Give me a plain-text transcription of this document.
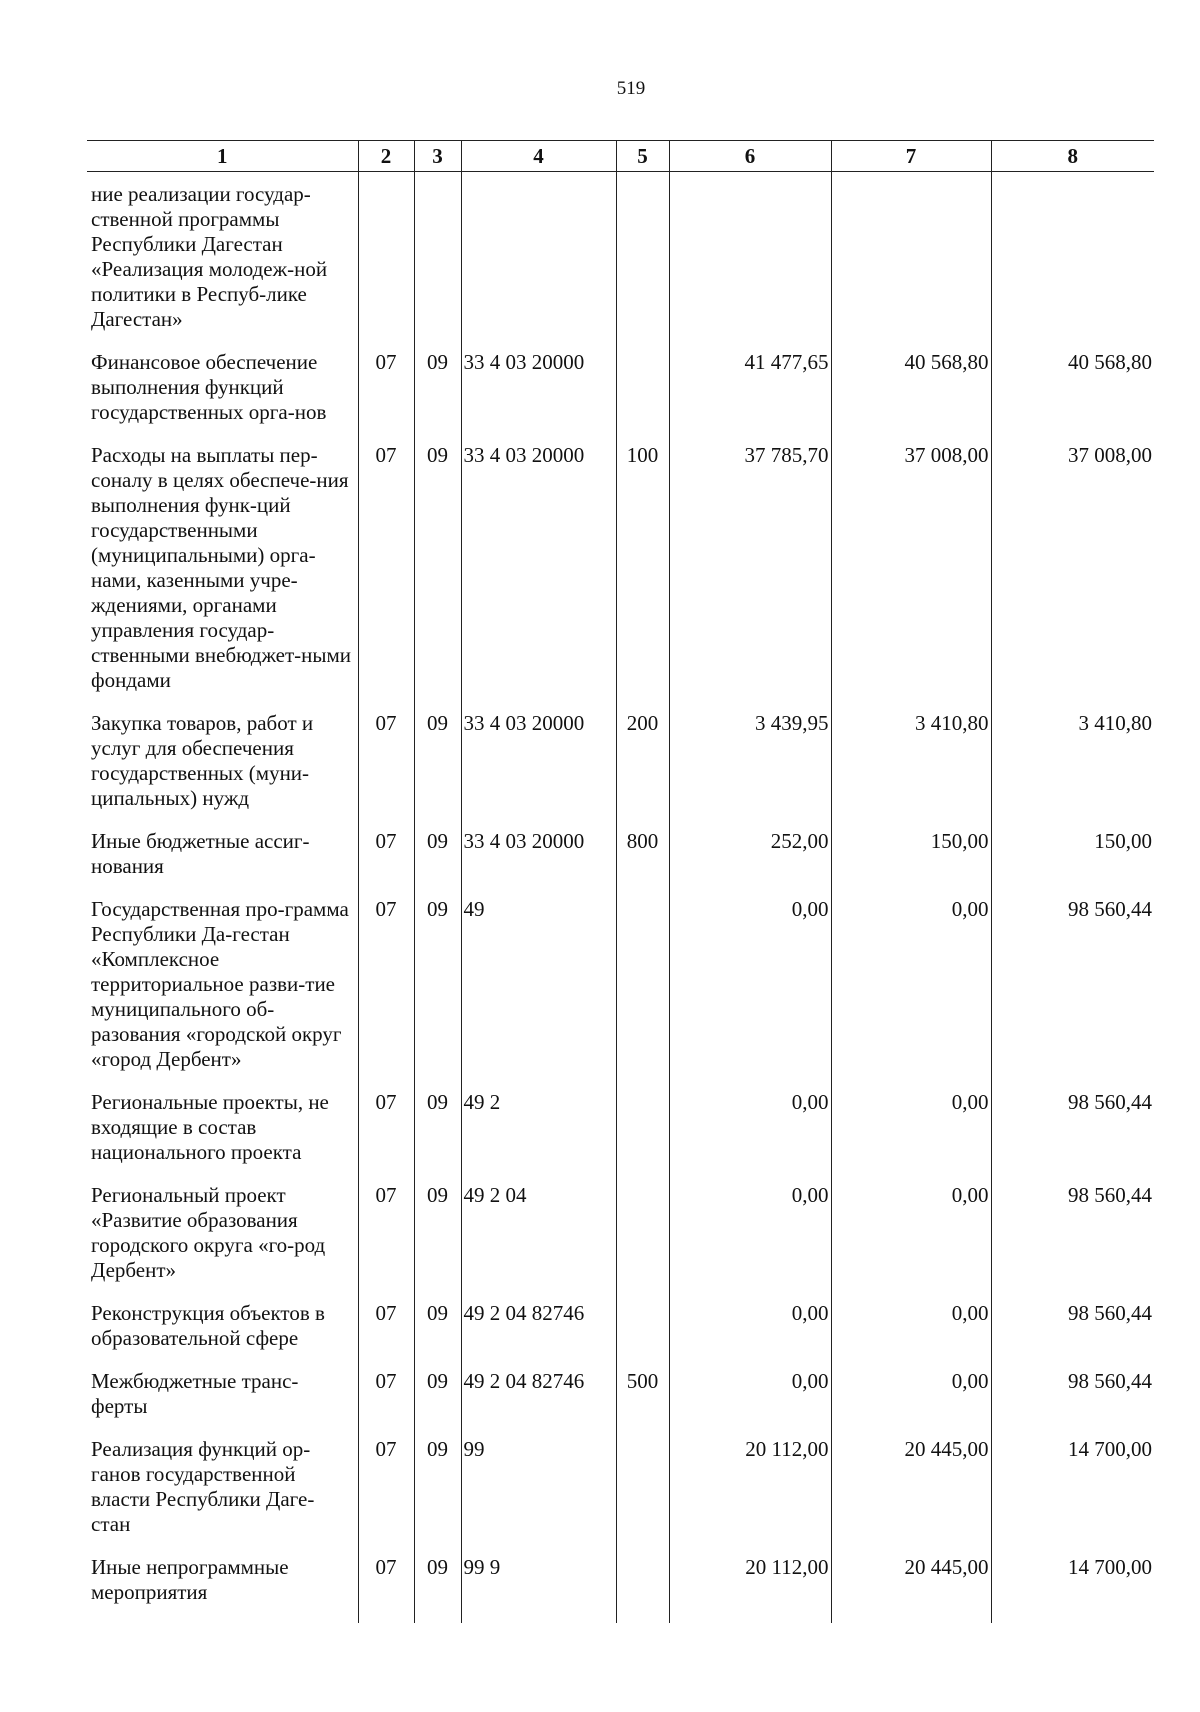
519
1	2	3	4	5	6	7	8
ние реализации государ-ственной программы Республики Дагестан «Реализация молодеж-ной политики в Респуб-лике Дагестан»							
Финансовое обеспечение выполнения функций государственных орга-нов	07	09	33 4 03 20000		41 477,65	40 568,80	40 568,80
Расходы на выплаты пер-соналу в целях обеспече-ния выполнения функ-ций государственными (муниципальными) орга-нами, казенными учре-ждениями, органами управления государ-ственными внебюджет-ными фондами	07	09	33 4 03 20000	100	37 785,70	37 008,00	37 008,00
Закупка товаров, работ и услуг для обеспечения государственных (муни-ципальных) нужд	07	09	33 4 03 20000	200	3 439,95	3 410,80	3 410,80
Иные бюджетные ассиг-нования	07	09	33 4 03 20000	800	252,00	150,00	150,00
Государственная про-грамма Республики Да-гестан «Комплексное территориальное разви-тие муниципального об-разования «городской округ «город Дербент»	07	09	49		0,00	0,00	98 560,44
Региональные проекты, не входящие в состав национального проекта	07	09	49 2		0,00	0,00	98 560,44
Региональный проект «Развитие образования городского округа «го-род Дербент»	07	09	49 2 04		0,00	0,00	98 560,44
Реконструкция объектов в образовательной сфере	07	09	49 2 04 82746		0,00	0,00	98 560,44
Межбюджетные транс-ферты	07	09	49 2 04 82746	500	0,00	0,00	98 560,44
Реализация функций ор-ганов государственной власти Республики Даге-стан	07	09	99		20 112,00	20 445,00	14 700,00
Иные непрограммные мероприятия	07	09	99 9		20 112,00	20 445,00	14 700,00
